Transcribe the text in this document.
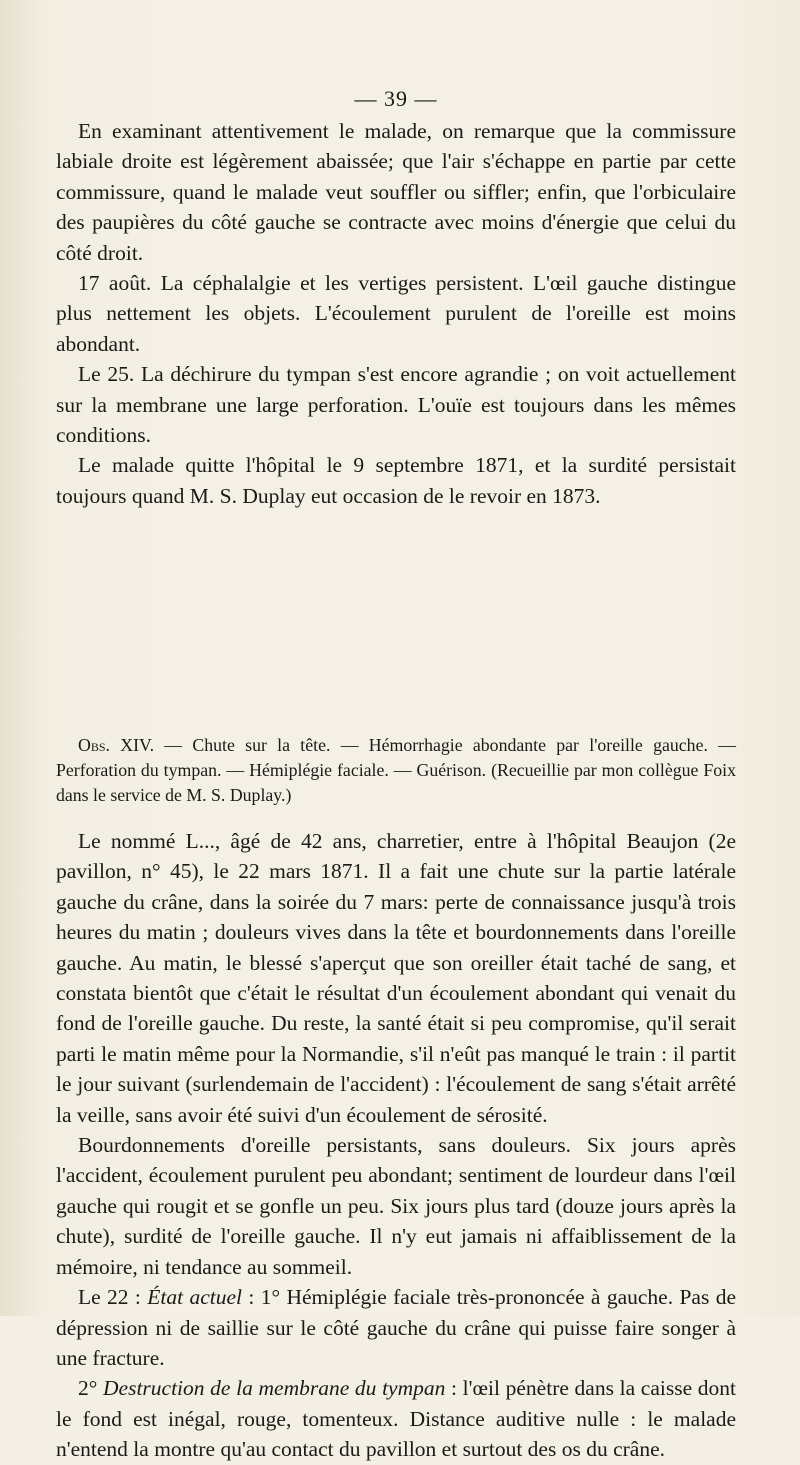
— 39 —

En examinant attentivement le malade, on remarque que la commissure labiale droite est légèrement abaissée; que l'air s'échappe en partie par cette commissure, quand le malade veut souffler ou siffler; enfin, que l'orbiculaire des paupières du côté gauche se contracte avec moins d'énergie que celui du côté droit.

17 août. La céphalalgie et les vertiges persistent. L'œil gauche distingue plus nettement les objets. L'écoulement purulent de l'oreille est moins abondant.

Le 25. La déchirure du tympan s'est encore agrandie ; on voit actuellement sur la membrane une large perforation. L'ouïe est toujours dans les mêmes conditions.

Le malade quitte l'hôpital le 9 septembre 1871, et la surdité persistait toujours quand M. S. Duplay eut occasion de le revoir en 1873.

Obs. XIV. — Chute sur la tête. — Hémorrhagie abondante par l'oreille gauche. — Perforation du tympan. — Hémiplégie faciale. — Guérison. (Recueillie par mon collègue Foix dans le service de M. S. Duplay.)

Le nommé L..., âgé de 42 ans, charretier, entre à l'hôpital Beaujon (2e pavillon, n° 45), le 22 mars 1871. Il a fait une chute sur la partie latérale gauche du crâne, dans la soirée du 7 mars: perte de connaissance jusqu'à trois heures du matin ; douleurs vives dans la tête et bourdonnements dans l'oreille gauche. Au matin, le blessé s'aperçut que son oreiller était taché de sang, et constata bientôt que c'était le résultat d'un écoulement abondant qui venait du fond de l'oreille gauche. Du reste, la santé était si peu compromise, qu'il serait parti le matin même pour la Normandie, s'il n'eût pas manqué le train : il partit le jour suivant (surlendemain de l'accident) : l'écoulement de sang s'était arrêté la veille, sans avoir été suivi d'un écoulement de sérosité.

Bourdonnements d'oreille persistants, sans douleurs. Six jours après l'accident, écoulement purulent peu abondant; sentiment de lourdeur dans l'œil gauche qui rougit et se gonfle un peu. Six jours plus tard (douze jours après la chute), surdité de l'oreille gauche. Il n'y eut jamais ni affaiblissement de la mémoire, ni tendance au sommeil.

Le 22 : État actuel : 1° Hémiplégie faciale très-prononcée à gauche. Pas de dépression ni de saillie sur le côté gauche du crâne qui puisse faire songer à une fracture.

2° Destruction de la membrane du tympan : l'œil pénètre dans la caisse dont le fond est inégal, rouge, tomenteux. Distance auditive nulle : le malade n'entend la montre qu'au contact du pavillon et surtout des os du crâne.
